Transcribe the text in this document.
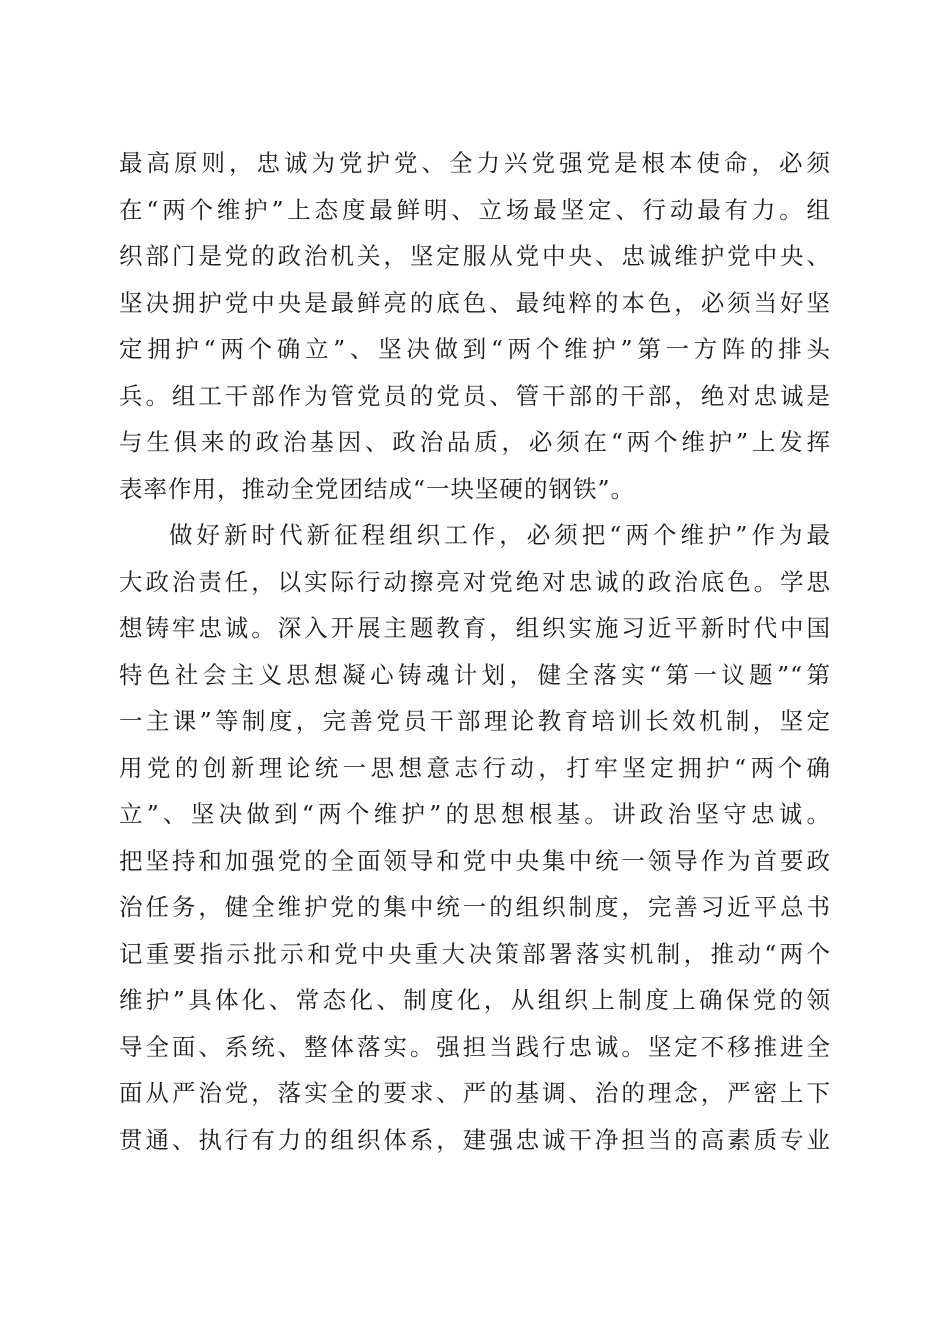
最高原则，忠诚为党护党、全力兴党强党是根本使命，必须
在“两个维护”上态度最鲜明、立场最坚定、行动最有力。组
织部门是党的政治机关，坚定服从党中央、忠诚维护党中央、
坚决拥护党中央是最鲜亮的底色、最纯粹的本色，必须当好坚
定拥护“两个确立”、坚决做到“两个维护”第一方阵的排头
兵。组工干部作为管党员的党员、管干部的干部，绝对忠诚是
与生俱来的政治基因、政治品质，必须在“两个维护”上发挥
表率作用，推动全党团结成“一块坚硬的钢铁”。
做好新时代新征程组织工作，必须把“两个维护”作为最
大政治责任，以实际行动擦亮对党绝对忠诚的政治底色。学思
想铸牢忠诚。深入开展主题教育，组织实施习近平新时代中国
特色社会主义思想凝心铸魂计划，健全落实“第一议题”“第
一主课”等制度，完善党员干部理论教育培训长效机制，坚定
用党的创新理论统一思想意志行动，打牢坚定拥护“两个确
立”、坚决做到“两个维护”的思想根基。讲政治坚守忠诚。
把坚持和加强党的全面领导和党中央集中统一领导作为首要政
治任务，健全维护党的集中统一的组织制度，完善习近平总书
记重要指示批示和党中央重大决策部署落实机制，推动“两个
维护”具体化、常态化、制度化，从组织上制度上确保党的领
导全面、系统、整体落实。强担当践行忠诚。坚定不移推进全
面从严治党，落实全的要求、严的基调、治的理念，严密上下
贯通、执行有力的组织体系，建强忠诚干净担当的高素质专业
